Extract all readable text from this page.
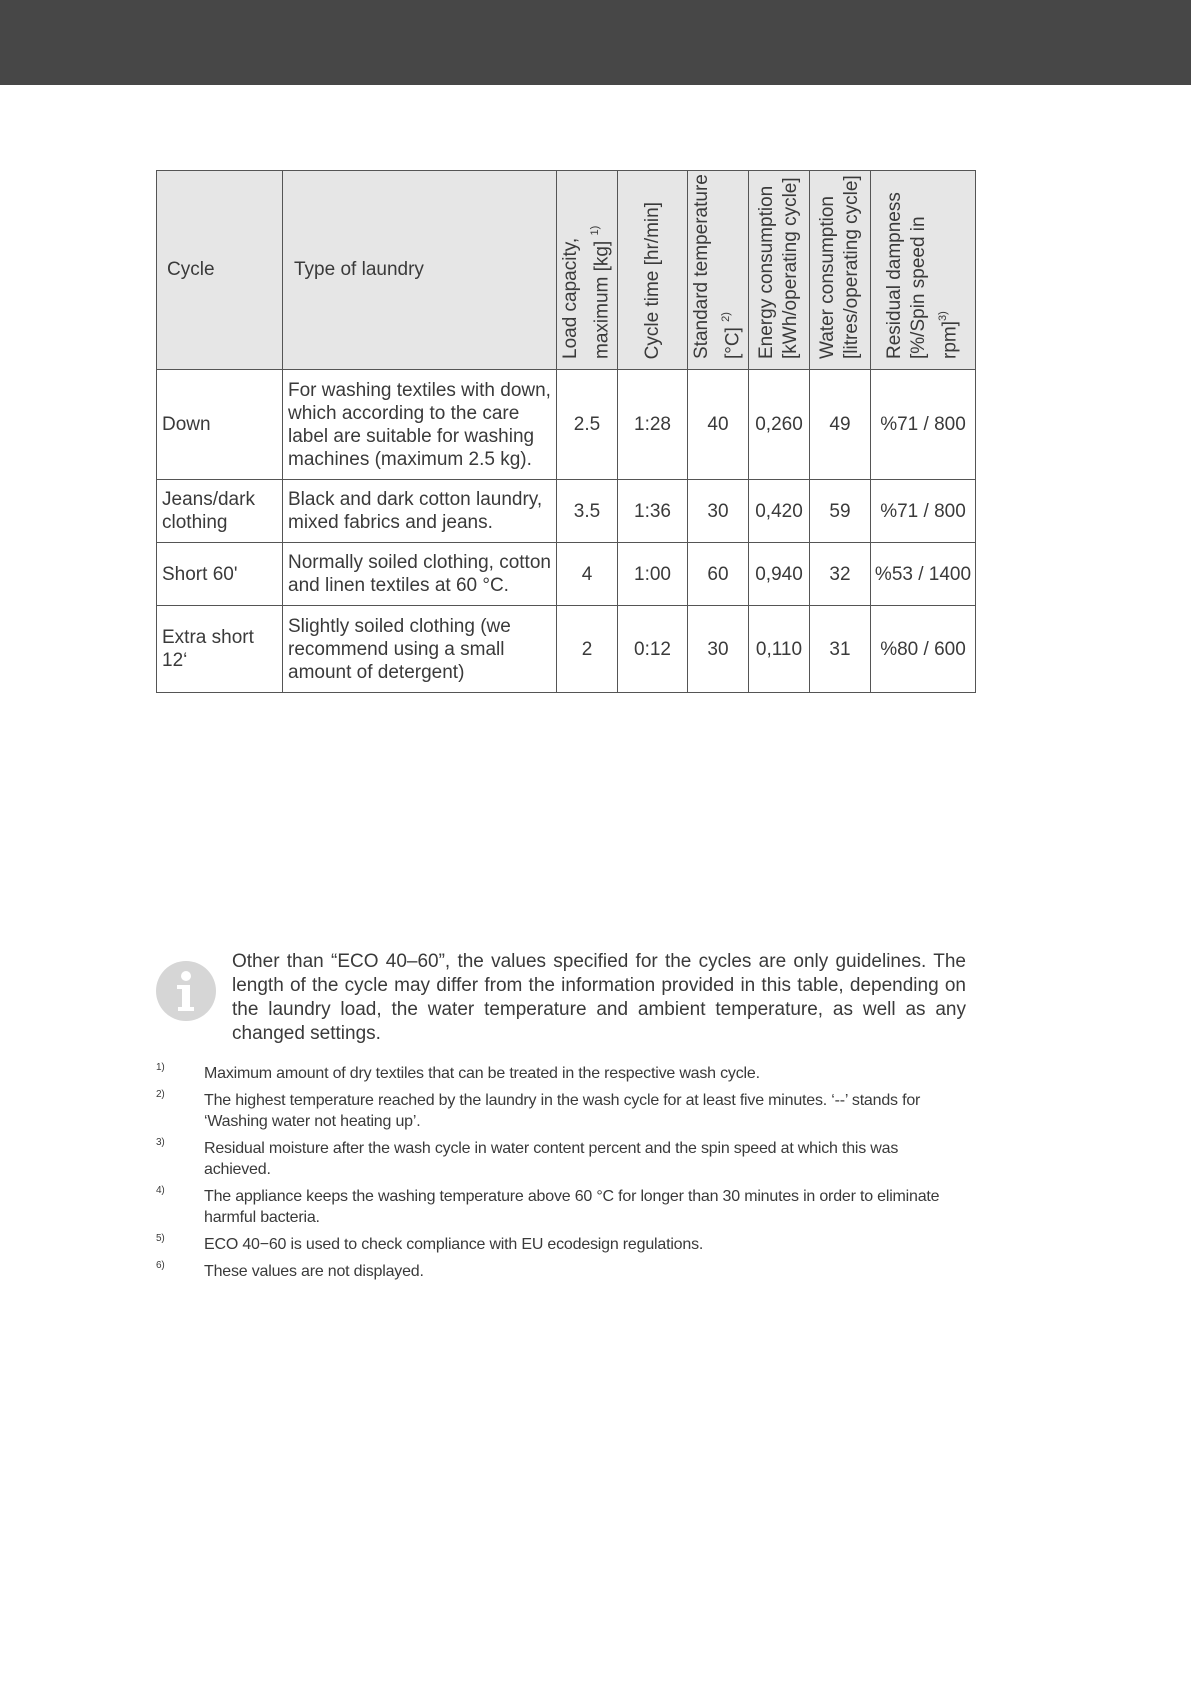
Cycle	Type of laundry	Load capacity, maximum [kg] $^{1)}$	Cycle time [hr/min]	Standard temperature [°C] $^{2)}$	Energy consumption [kWh/operating cycle]	Water consumption [litres/operating cycle]	Residual dampness [%/Spin speed in rpm]$^{3)}$

Down	For washing textiles with down, which according to the care label are suitable for washing machines (maximum 2.5 kg).	2.5	1:28	40	0,260	49	%71 / 800
Jeans/dark clothing	Black and dark cotton laundry, mixed fabrics and jeans.	3.5	1:36	30	0,420	59	%71 / 800
Short 60'	Normally soiled clothing, cotton and linen textiles at 60 °C.	4	1:00	60	0,940	32	%53 / 1400
Extra short 12‘	Slightly soiled clothing (we recommend using a small amount of detergent)	2	0:12	30	0,110	31	%80 / 600

Other than “ECO 40–60”, the values specified for the cycles are only guidelines. The length of the cycle may differ from the information provided in this table, depending on the laundry load, the water temperature and ambient temperature, as well as any changed settings.

1) Maximum amount of dry textiles that can be treated in the respective wash cycle.
2) The highest temperature reached by the laundry in the wash cycle for at least five minutes. ‘--’ stands for ‘Washing water not heating up’.
3) Residual moisture after the wash cycle in water content percent and the spin speed at which this was achieved.
4) The appliance keeps the washing temperature above 60 °C for longer than 30 minutes in order to eliminate harmful bacteria.
5) ECO 40−60 is used to check compliance with EU ecodesign regulations.
6) These values are not displayed.
